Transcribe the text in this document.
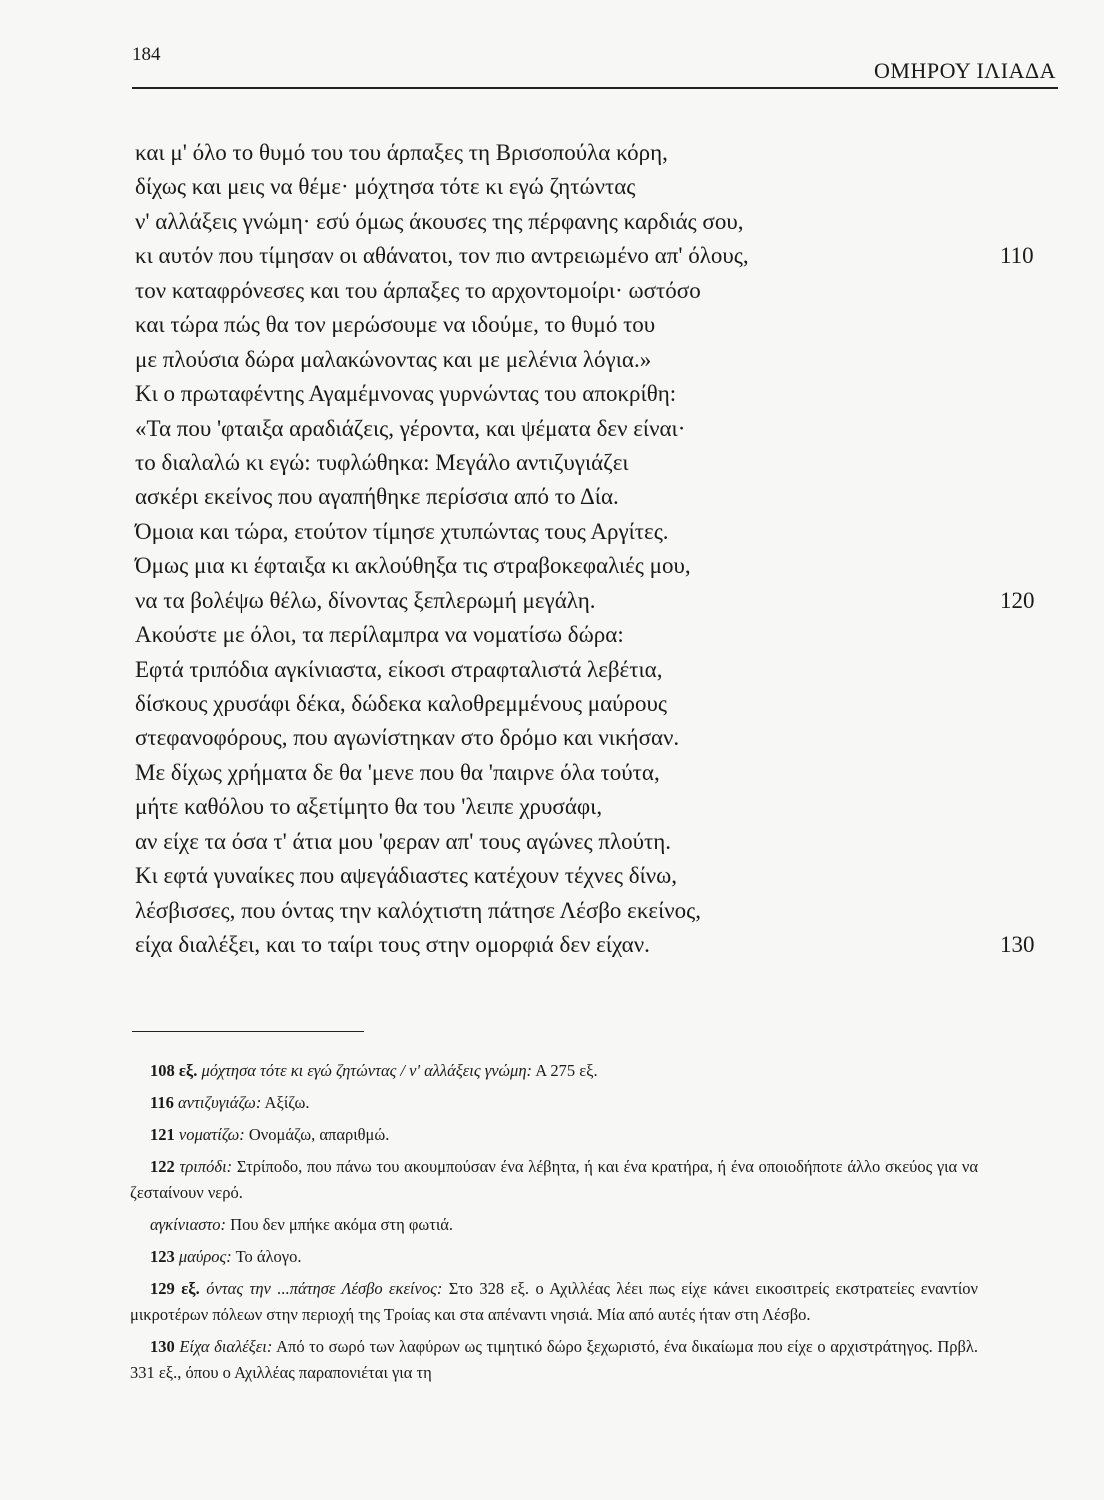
184
ΟΜΗΡΟΥ ΙΛΙΑΔΑ
και μ' όλο το θυμό του του άρπαξες τη Βρισοπούλα κόρη,
δίχως και μεις να θέμε· μόχτησα τότε κι εγώ ζητώντας
ν' αλλάξεις γνώμη· εσύ όμως άκουσες της πέρφανης καρδιάς σου,
κι αυτόν που τίμησαν οι αθάνατοι, τον πιο αντρειωμένο απ' όλους,	110
τον καταφρόνεσες και του άρπαξες το αρχοντομοίρι· ωστόσο
και τώρα πώς θα τον μερώσουμε να ιδούμε, το θυμό του
με πλούσια δώρα μαλακώνοντας και με μελένια λόγια.»
Κι ο πρωταφέντης Αγαμέμνονας γυρνώντας του αποκρίθη:
«Τα που 'φταιξα αραδιάζεις, γέροντα, και ψέματα δεν είναι·
το διαλαλώ κι εγώ: τυφλώθηκα: Μεγάλο αντιζυγιάζει
ασκέρι εκείνος που αγαπήθηκε περίσσια από το Δία.
Όμοια και τώρα, ετούτον τίμησε χτυπώντας τους Αργίτες.
Όμως μια κι έφταιξα κι ακλούθηξα τις στραβοκεφαλιές μου,
να τα βολέψω θέλω, δίνοντας ξεπλερωμή μεγάλη.	120
Ακούστε με όλοι, τα περίλαμπρα να νοματίσω δώρα:
Εφτά τριπόδια αγκίνιαστα, είκοσι στραφταλιστά λεβέτια,
δίσκους χρυσάφι δέκα, δώδεκα καλοθρεμμένους μαύρους
στεφανοφόρους, που αγωνίστηκαν στο δρόμο και νικήσαν.
Με δίχως χρήματα δε θα 'μενε που θα 'παιρνε όλα τούτα,
μήτε καθόλου το αξετίμητο θα του 'λειπε χρυσάφι,
αν είχε τα όσα τ' άτια μου 'φεραν απ' τους αγώνες πλούτη.
Κι εφτά γυναίκες που αψεγάδιαστες κατέχουν τέχνες δίνω,
λέσβισσες, που όντας την καλόχτιστη πάτησε Λέσβο εκείνος,
είχα διαλέξει, και το ταίρι τους στην ομορφιά δεν είχαν.	130

108 εξ. μόχτησα τότε κι εγώ ζητώντας / ν' αλλάξεις γνώμη: Α 275 εξ.

116 αντιζυγιάζω: Αξίζω.

121 νοματίζω: Ονομάζω, απαριθμώ.

122 τριπόδι: Στρίποδο, που πάνω του ακουμπούσαν ένα λέβητα, ή και ένα κρατήρα, ή ένα οποιοδήποτε άλλο σκεύος για να ζεσταίνουν νερό.

αγκίνιαστο: Που δεν μπήκε ακόμα στη φωτιά.

123 μαύρος: Το άλογο.

129 εξ. όντας την ...πάτησε Λέσβο εκείνος: Στο 328 εξ. ο Αχιλλέας λέει πως είχε κάνει εικοσιτρείς εκστρατείες εναντίον μικροτέρων πόλεων στην περιοχή της Τροίας και στα απέναντι νησιά. Μία από αυτές ήταν στη Λέσβο.

130 Είχα διαλέξει: Από το σωρό των λαφύρων ως τιμητικό δώρο ξεχωριστό, ένα δικαίωμα που είχε ο αρχιστράτηγος. Πρβλ. 331 εξ., όπου ο Αχιλλέας παραπονιέται για τη
